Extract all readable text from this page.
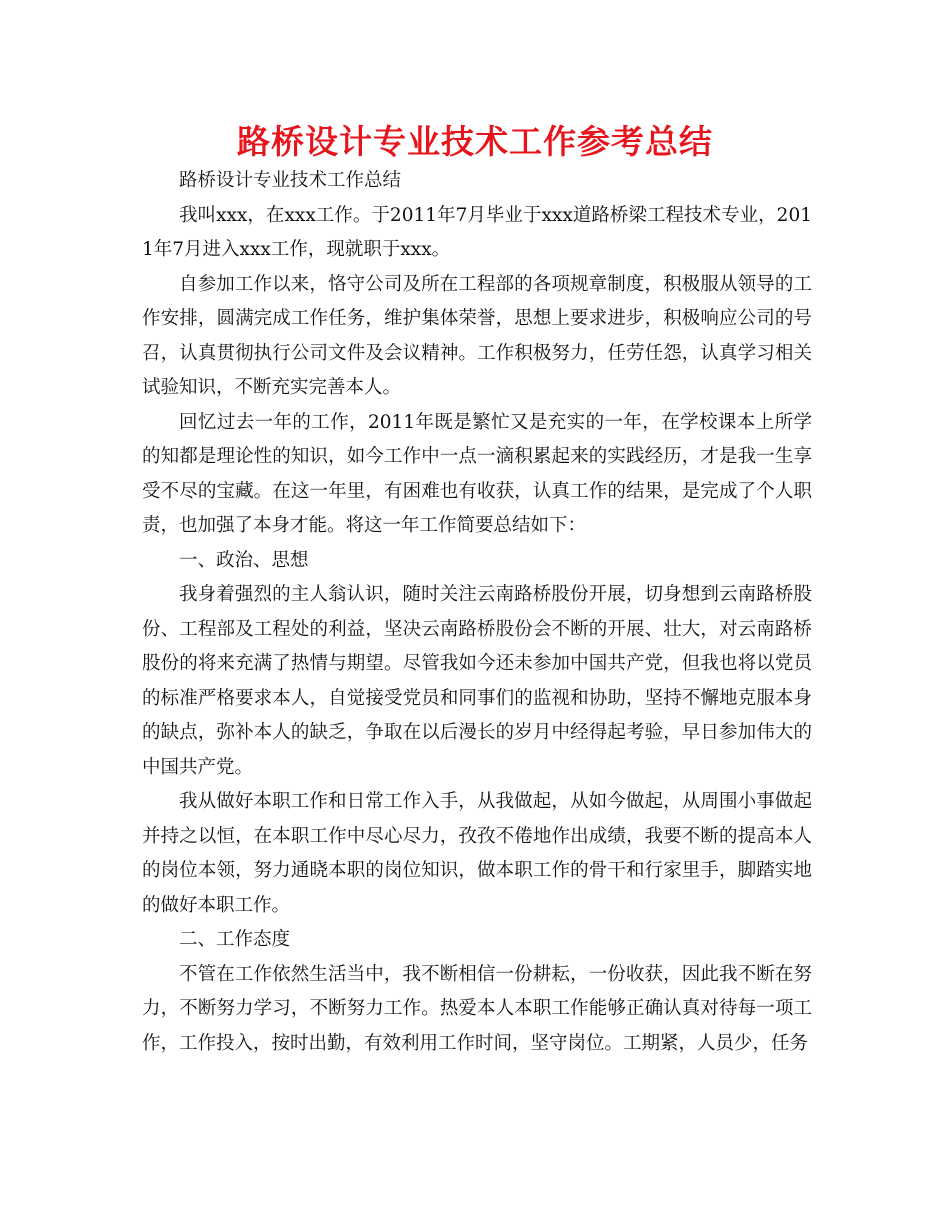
路桥设计专业技术工作参考总结

路桥设计专业技术工作总结

我叫xxx，在xxx工作。于2011年7月毕业于xxx道路桥梁工程技术专业，2011年7月进入xxx工作，现就职于xxx。

自参加工作以来，恪守公司及所在工程部的各项规章制度，积极服从领导的工作安排，圆满完成工作任务，维护集体荣誉，思想上要求进步，积极响应公司的号召，认真贯彻执行公司文件及会议精神。工作积极努力，任劳任怨，认真学习相关试验知识，不断充实完善本人。

回忆过去一年的工作，2011年既是繁忙又是充实的一年，在学校课本上所学的知都是理论性的知识，如今工作中一点一滴积累起来的实践经历，才是我一生享受不尽的宝藏。在这一年里，有困难也有收获，认真工作的结果，是完成了个人职责，也加强了本身才能。将这一年工作简要总结如下：

一、政治、思想

我身着强烈的主人翁认识，随时关注云南路桥股份开展，切身想到云南路桥股份、工程部及工程处的利益，坚决云南路桥股份会不断的开展、壮大，对云南路桥股份的将来充满了热情与期望。尽管我如今还未参加中国共产党，但我也将以党员的标准严格要求本人，自觉接受党员和同事们的监视和协助，坚持不懈地克服本身的缺点，弥补本人的缺乏，争取在以后漫长的岁月中经得起考验，早日参加伟大的中国共产党。

我从做好本职工作和日常工作入手，从我做起，从如今做起，从周围小事做起并持之以恒，在本职工作中尽心尽力，孜孜不倦地作出成绩，我要不断的提高本人的岗位本领，努力通晓本职的岗位知识，做本职工作的骨干和行家里手，脚踏实地的做好本职工作。

二、工作态度

不管在工作依然生活当中，我不断相信一份耕耘，一份收获，因此我不断在努力，不断努力学习，不断努力工作。热爱本人本职工作能够正确认真对待每一项工作，工作投入，按时出勤，有效利用工作时间，坚守岗位。工期紧，人员少，任务
